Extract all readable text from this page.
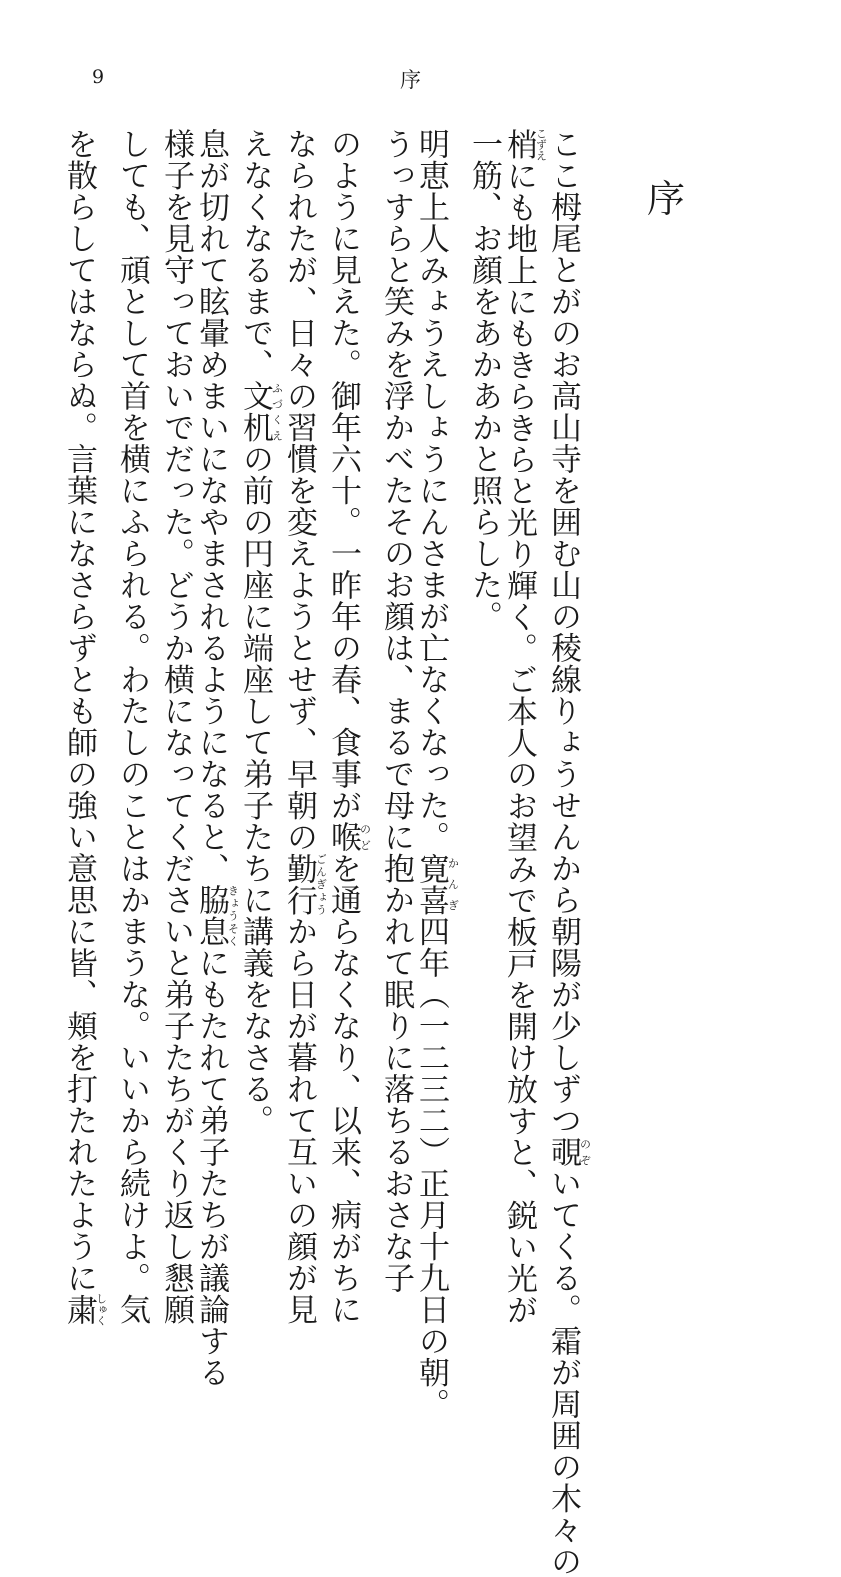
9	序
序
ここ栂尾とがのお高山寺を囲む山の稜線りょうせんから朝陽が少しずつ覗のぞいてくる。霜が周囲の木々の
梢こずえにも地上にもきらきらと光り輝く。ご本人のお望みで板戸を開け放すと、鋭い光が
一筋、お顔をあかあかと照らした。
明恵上人みょうえしょうにんさまが亡なくなった。寛喜かんぎ四年（一二三二）正月十九日の朝。
うっすらと笑みを浮かべたそのお顔は、まるで母に抱かれて眠りに落ちるおさな子
のように見えた。御年六十。一昨年の春、食事が喉のどを通らなくなり、以来、病がちに
なられたが、日々の習慣を変えようとせず、早朝の勤行ごんぎょうから日が暮れて互いの顔が見
えなくなるまで、文机ふづくえの前の円座に端座して弟子たちに講義をなさる。
息が切れて眩暈めまいになやまされるようになると、脇息きょうそくにもたれて弟子たちが議論する
様子を見守っておいでだった。どうか横になってくださいと弟子たちがくり返し懇願
しても、頑として首を横にふられる。わたしのことはかまうな。いいから続けよ。気
を散らしてはならぬ。言葉になさらずとも師の強い意思に皆、頬を打たれたように粛しゅく
